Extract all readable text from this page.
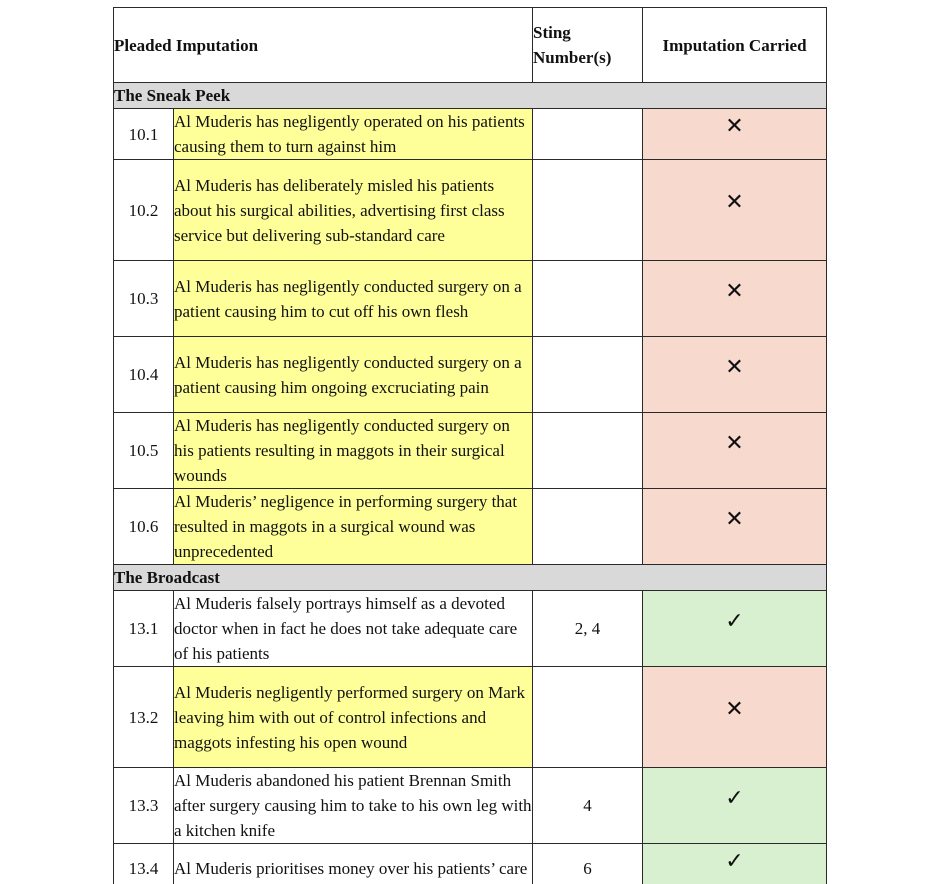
Pleaded Imputation		Sting Number(s)	Imputation Carried
The Sneak Peek			
10.1	Al Muderis has negligently operated on his patients causing them to turn against him		✕
10.2	Al Muderis has deliberately misled his patients about his surgical abilities, advertising first class service but delivering sub-standard care		✕
10.3	Al Muderis has negligently conducted surgery on a patient causing him to cut off his own flesh		✕
10.4	Al Muderis has negligently conducted surgery on a patient causing him ongoing excruciating pain		✕
10.5	Al Muderis has negligently conducted surgery on his patients resulting in maggots in their surgical wounds		✕
10.6	Al Muderis’ negligence in performing surgery that resulted in maggots in a surgical wound was unprecedented		✕
The Broadcast			
13.1	Al Muderis falsely portrays himself as a devoted doctor when in fact he does not take adequate care of his patients	2, 4	✓
13.2	Al Muderis negligently performed surgery on Mark leaving him with out of control infections and maggots infesting his open wound		✕
13.3	Al Muderis abandoned his patient Brennan Smith after surgery causing him to take to his own leg with a kitchen knife	4	✓
13.4	Al Muderis prioritises money over his patients’ care	6	✓
